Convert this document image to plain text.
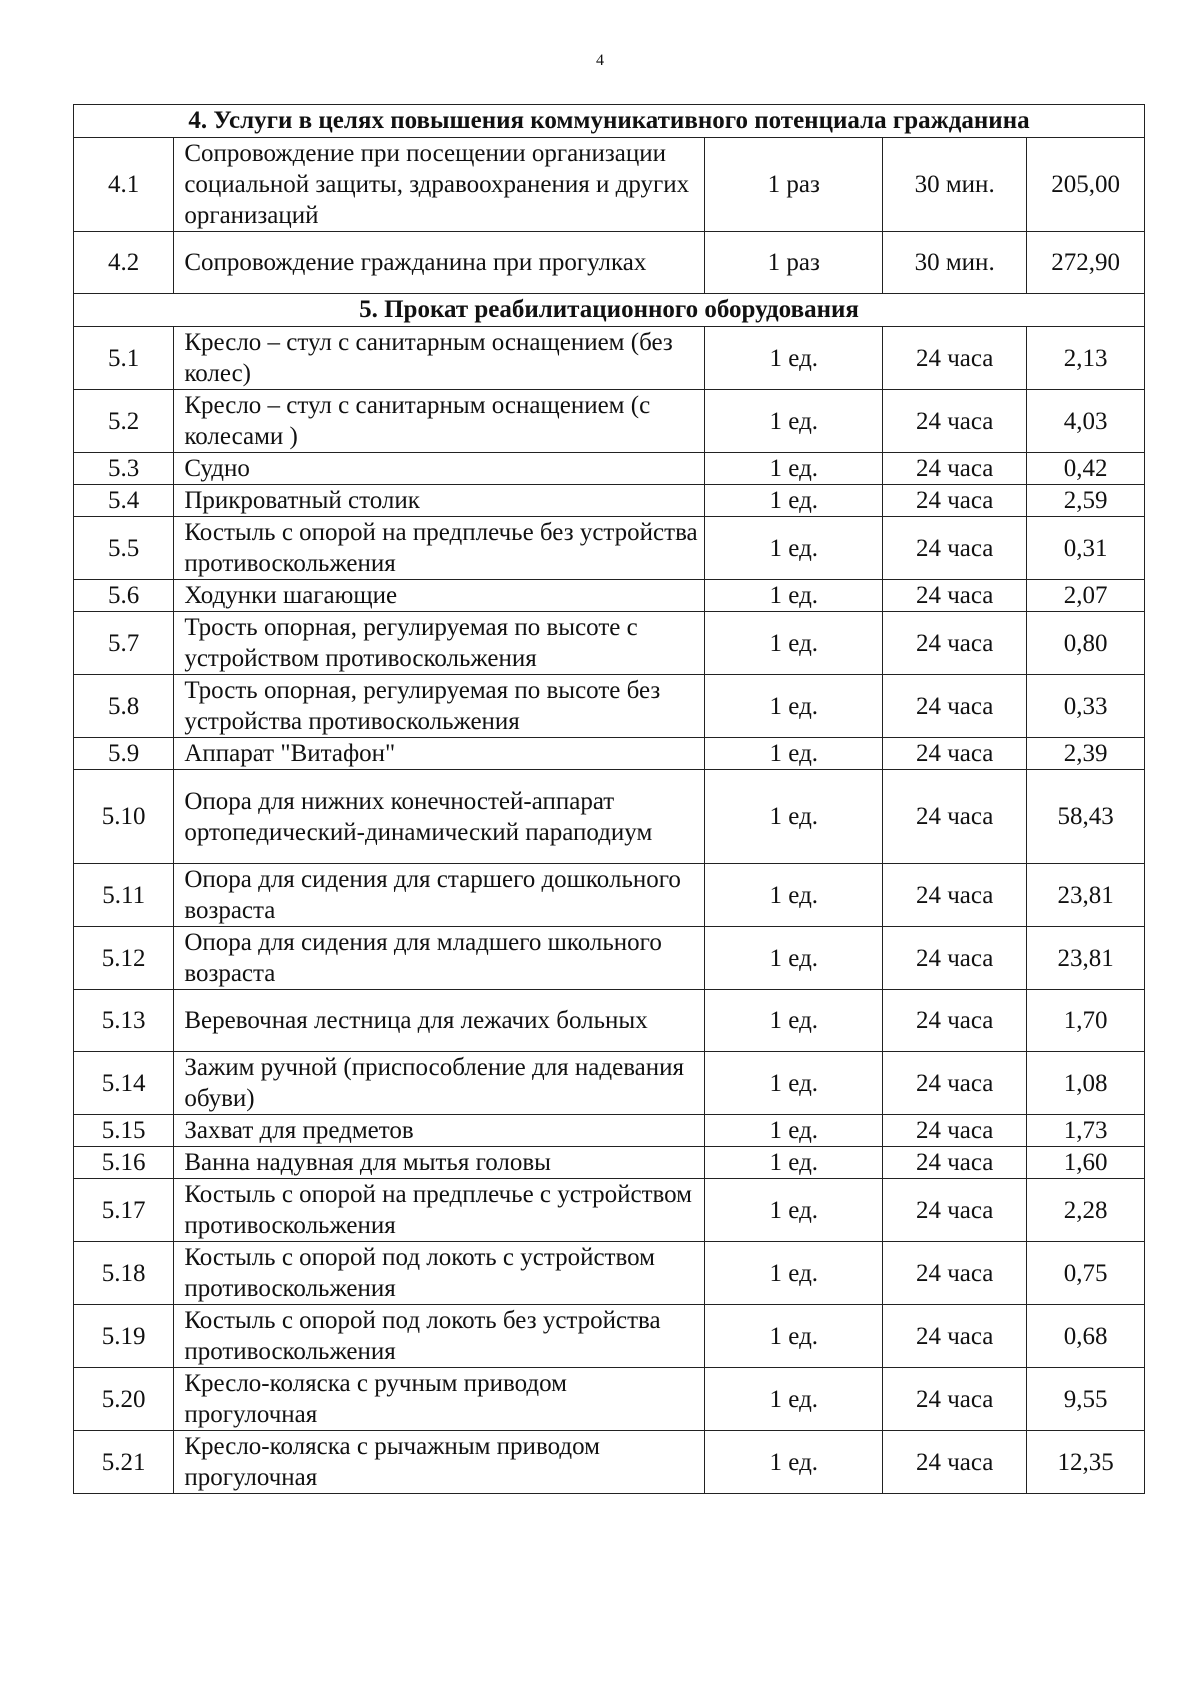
4
4. Услуги в целях повышения коммуникативного потенциала гражданина				
4.1	Сопровождение при посещении организации социальной защиты, здравоохранения и других организаций	1 раз	30 мин.	205,00
4.2	Сопровождение гражданина при прогулках	1 раз	30 мин.	272,90
5. Прокат реабилитационного оборудования				
5.1	Кресло – стул с санитарным оснащением (без колес)	1 ед.	24 часа	2,13
5.2	Кресло – стул с санитарным оснащением (с колесами )	1 ед.	24 часа	4,03
5.3	Судно	1 ед.	24 часа	0,42
5.4	Прикроватный столик	1 ед.	24 часа	2,59
5.5	Костыль с опорой на предплечье без устройства противоскольжения	1 ед.	24 часа	0,31
5.6	Ходунки шагающие	1 ед.	24 часа	2,07
5.7	Трость опорная, регулируемая по высоте с устройством противоскольжения	1 ед.	24 часа	0,80
5.8	Трость опорная, регулируемая по высоте без устройства противоскольжения	1 ед.	24 часа	0,33
5.9	Аппарат "Витафон"	1 ед.	24 часа	2,39
5.10	Опора для нижних конечностей-аппарат ортопедический-динамический параподиум	1 ед.	24 часа	58,43
5.11	Опора для сидения для старшего дошкольного возраста	1 ед.	24 часа	23,81
5.12	Опора для сидения для младшего школьного возраста	1 ед.	24 часа	23,81
5.13	Веревочная лестница для лежачих больных	1 ед.	24 часа	1,70
5.14	Зажим ручной (приспособление для надевания обуви)	1 ед.	24 часа	1,08
5.15	Захват для предметов	1 ед.	24 часа	1,73
5.16	Ванна надувная для мытья головы	1 ед.	24 часа	1,60
5.17	Костыль с опорой на предплечье с устройством противоскольжения	1 ед.	24 часа	2,28
5.18	Костыль с опорой под локоть с устройством противоскольжения	1 ед.	24 часа	0,75
5.19	Костыль с опорой под локоть без устройства противоскольжения	1 ед.	24 часа	0,68
5.20	Кресло-коляска с ручным приводом прогулочная	1 ед.	24 часа	9,55
5.21	Кресло-коляска с рычажным приводом прогулочная	1 ед.	24 часа	12,35
